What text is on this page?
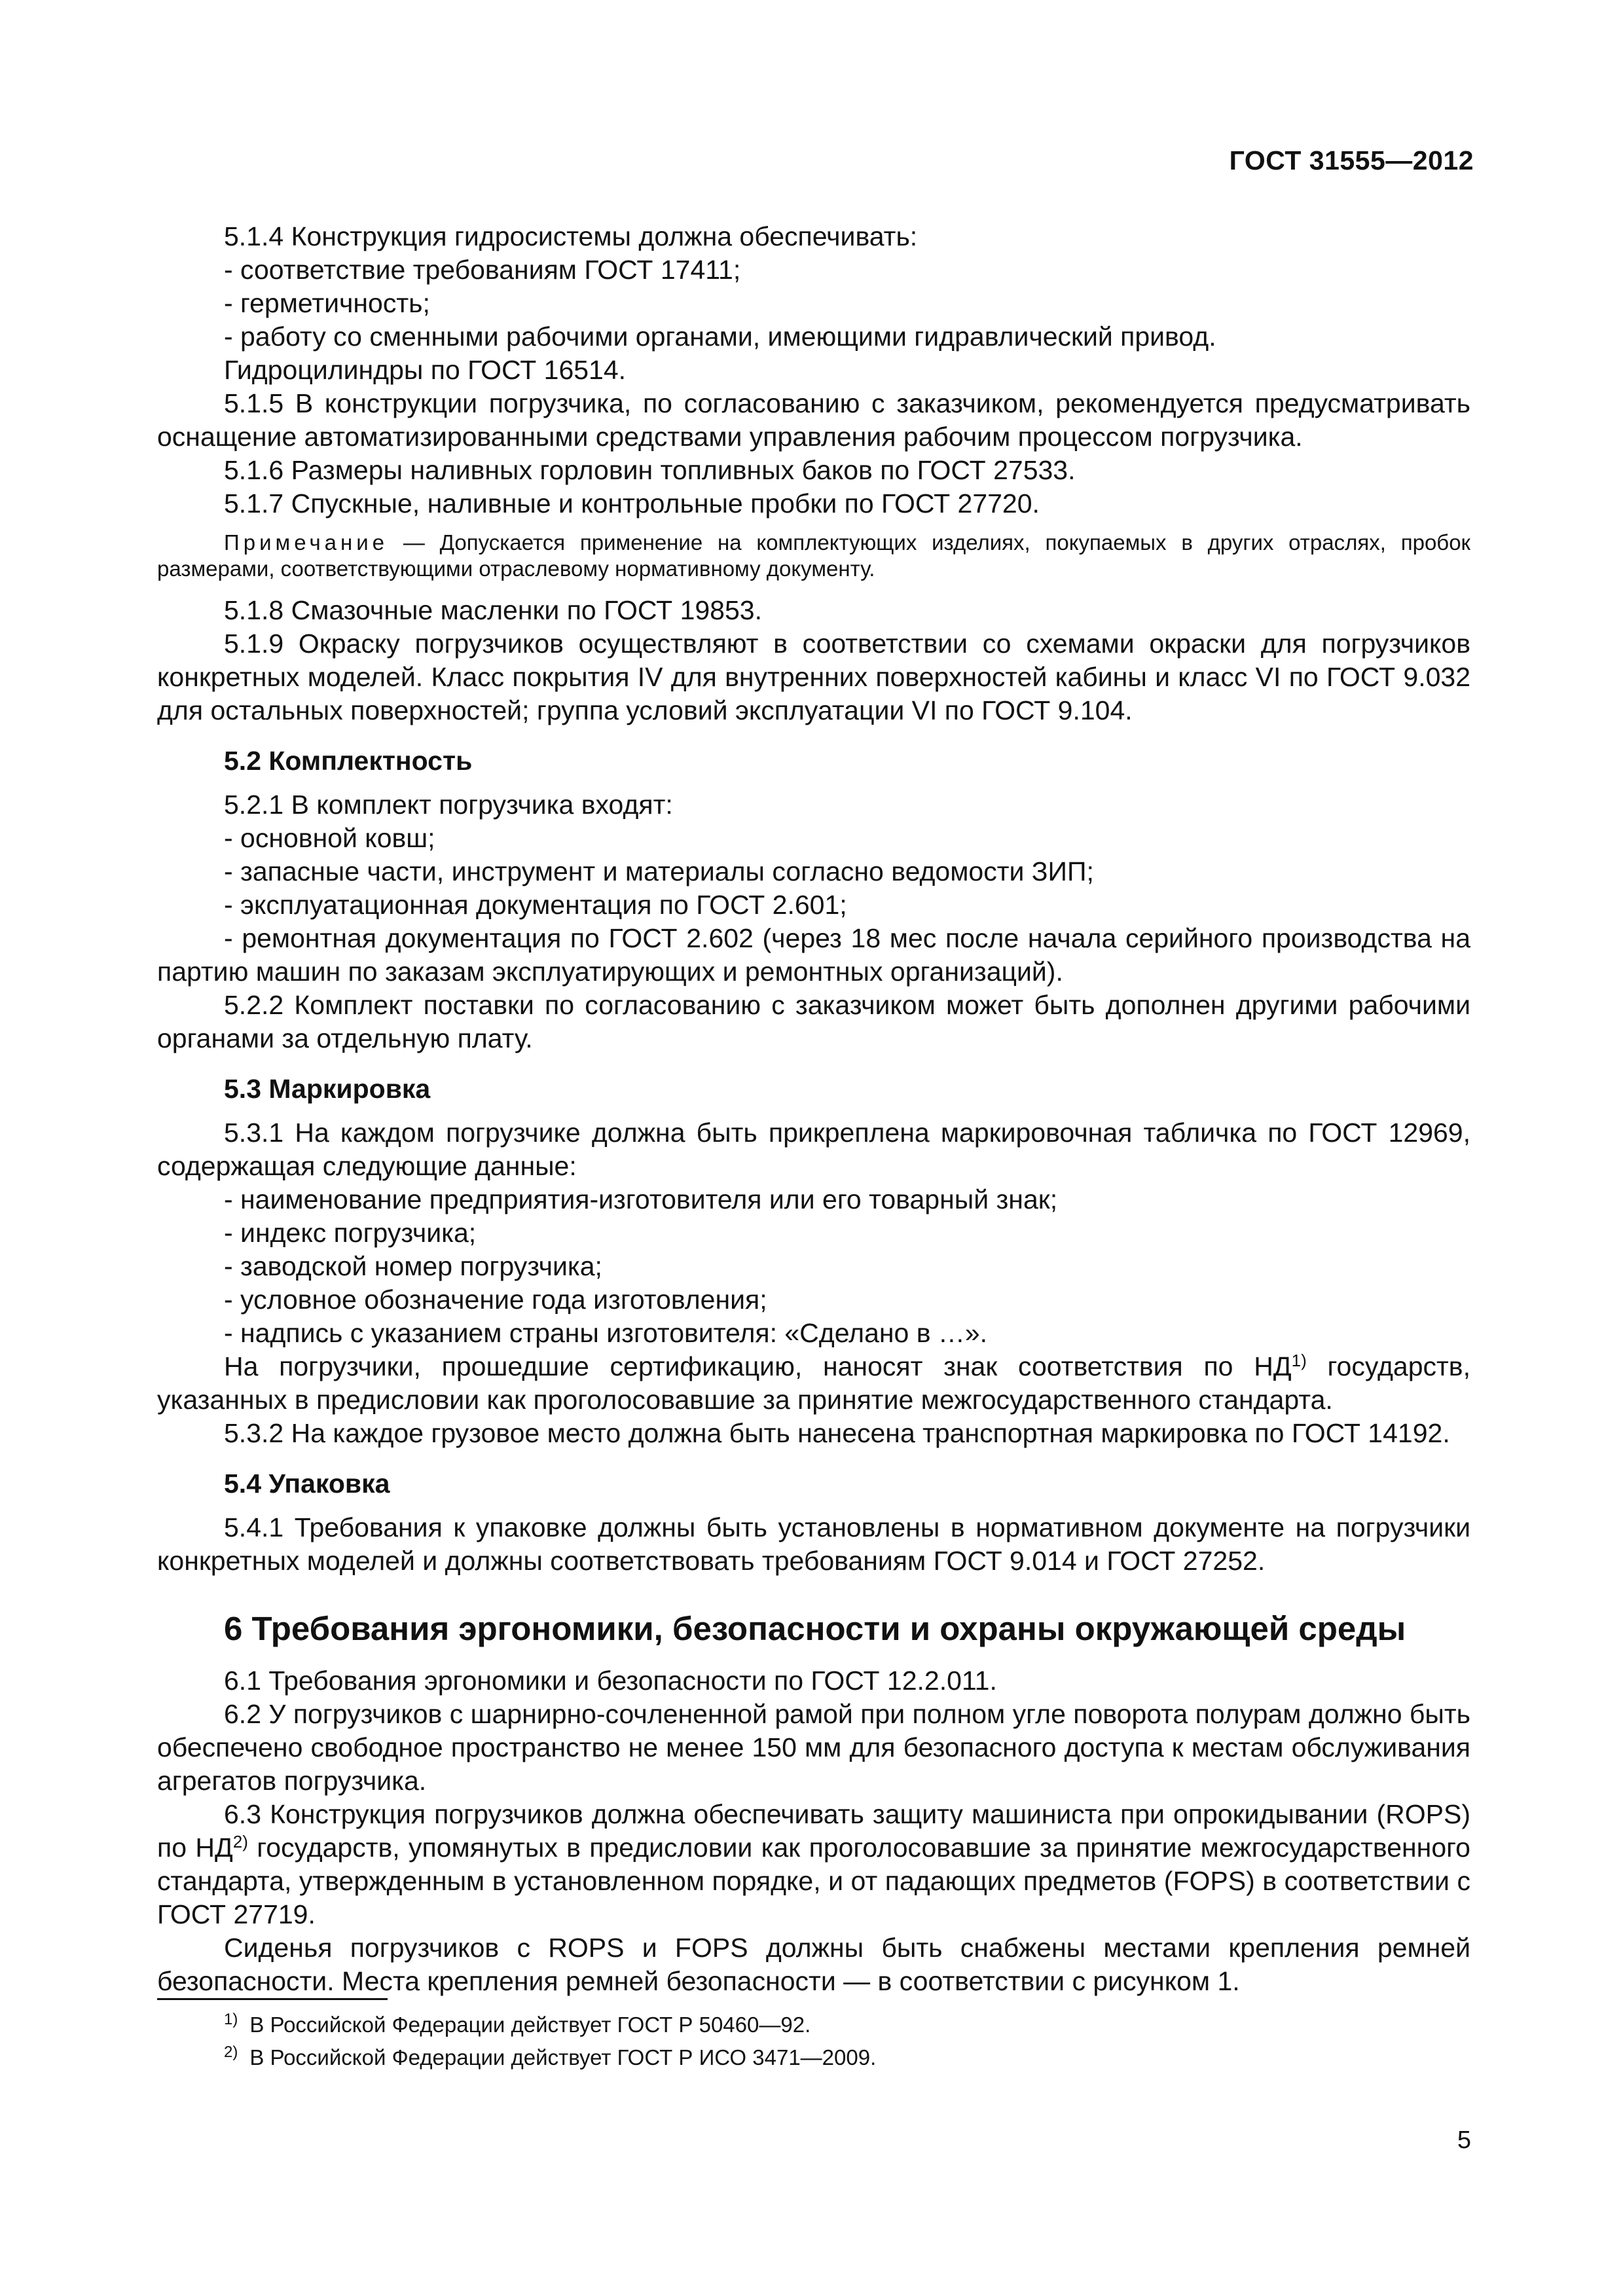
ГОСТ 31555—2012

5.1.4 Конструкция гидросистемы должна обеспечивать:

- соответствие требованиям ГОСТ 17411;

- герметичность;

- работу со сменными рабочими органами, имеющими гидравлический привод.

Гидроцилиндры по ГОСТ 16514.

5.1.5 В конструкции погрузчика, по согласованию с заказчиком, рекомендуется предусматривать оснащение автоматизированными средствами управления рабочим процессом погрузчика.

5.1.6 Размеры наливных горловин топливных баков по ГОСТ 27533.

5.1.7 Спускные, наливные и контрольные пробки по ГОСТ 27720.

Примечание — Допускается применение на комплектующих изделиях, покупаемых в других отраслях, пробок размерами, соответствующими отраслевому нормативному документу.

5.1.8 Смазочные масленки по ГОСТ 19853.

5.1.9 Окраску погрузчиков осуществляют в соответствии со схемами окраски для погрузчиков конкретных моделей. Класс покрытия IV для внутренних поверхностей кабины и класс VI по ГОСТ 9.032 для остальных поверхностей; группа условий эксплуатации VI по ГОСТ 9.104.

5.2 Комплектность

5.2.1 В комплект погрузчика входят:

- основной ковш;

- запасные части, инструмент и материалы согласно ведомости ЗИП;

- эксплуатационная документация по ГОСТ 2.601;

- ремонтная документация по ГОСТ 2.602 (через 18 мес после начала серийного производства на партию машин по заказам эксплуатирующих и ремонтных организаций).

5.2.2 Комплект поставки по согласованию с заказчиком может быть дополнен другими рабочими органами за отдельную плату.

5.3 Маркировка

5.3.1 На каждом погрузчике должна быть прикреплена маркировочная табличка по ГОСТ 12969, содержащая следующие данные:

- наименование предприятия-изготовителя или его товарный знак;

- индекс погрузчика;

- заводской номер погрузчика;

- условное обозначение года изготовления;

- надпись с указанием страны изготовителя: «Сделано в …».

На погрузчики, прошедшие сертификацию, наносят знак соответствия по НД$^{1)}$ государств, указанных в предисловии как проголосовавшие за принятие межгосударственного стандарта.

5.3.2 На каждое грузовое место должна быть нанесена транспортная маркировка по ГОСТ 14192.

5.4 Упаковка

5.4.1 Требования к упаковке должны быть установлены в нормативном документе на погрузчики конкретных моделей и должны соответствовать требованиям ГОСТ 9.014 и ГОСТ 27252.

6 Требования эргономики, безопасности и охраны окружающей среды

6.1 Требования эргономики и безопасности по ГОСТ 12.2.011.

6.2 У погрузчиков с шарнирно-сочлененной рамой при полном угле поворота полурам должно быть обеспечено свободное пространство не менее 150 мм для безопасного доступа к местам обслуживания агрегатов погрузчика.

6.3 Конструкция погрузчиков должна обеспечивать защиту машиниста при опрокидывании (ROPS) по НД$^{2)}$ государств, упомянутых в предисловии как проголосовавшие за принятие межгосударственного стандарта, утвержденным в установленном порядке, и от падающих предметов (FOPS) в соответствии с ГОСТ 27719.

Сиденья погрузчиков с ROPS и FOPS должны быть снабжены местами крепления ремней безопасности. Места крепления ремней безопасности — в соответствии с рисунком 1.

$^{1)}$ В Российской Федерации действует ГОСТ Р 50460—92.

$^{2)}$ В Российской Федерации действует ГОСТ Р ИСО 3471—2009.

5
